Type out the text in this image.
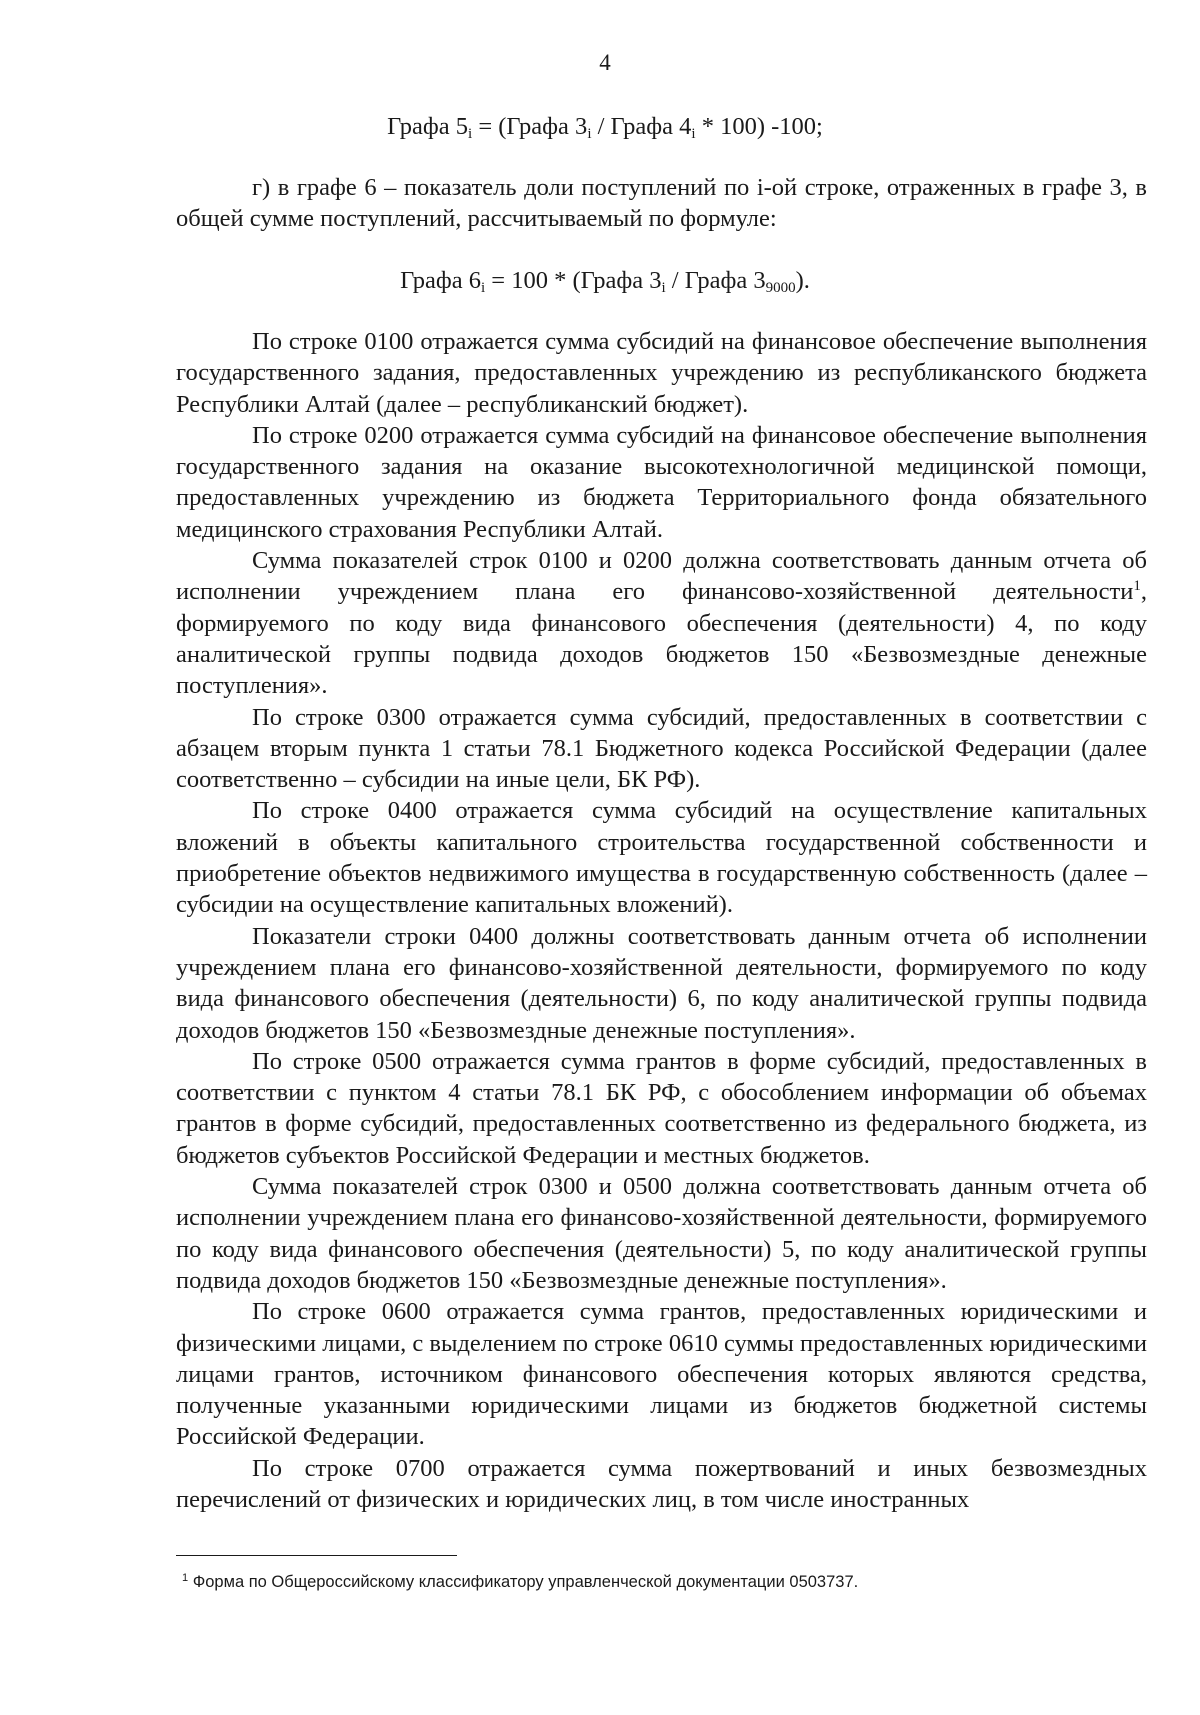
4
Графа $5_i$ = (Графа $3_i$ / Графа $4_i * 100$) -100;

г) в графе 6 – показатель доли поступлений по i-ой строке, отраженных в графе 3, в общей сумме поступлений, рассчитываемый по формуле:

Графа $6_i = 100$ * (Графа $3_i$ / Графа $3_{9000}$).

По строке 0100 отражается сумма субсидий на финансовое обеспечение выполнения государственного задания, предоставленных учреждению из республиканского бюджета Республики Алтай (далее – республиканский бюджет).

По строке 0200 отражается сумма субсидий на финансовое обеспечение выполнения государственного задания на оказание высокотехнологичной медицинской помощи, предоставленных учреждению из бюджета Территориального фонда обязательного медицинского страхования Республики Алтай.

Сумма показателей строк 0100 и 0200 должна соответствовать данным отчета об исполнении учреждением плана его финансово-хозяйственной деятельности$^1$, формируемого по коду вида финансового обеспечения (деятельности) 4, по коду аналитической группы подвида доходов бюджетов 150 «Безвозмездные денежные поступления».

По строке 0300 отражается сумма субсидий, предоставленных в соответствии с абзацем вторым пункта 1 статьи 78.1 Бюджетного кодекса Российской Федерации (далее соответственно – субсидии на иные цели, БК РФ).

По строке 0400 отражается сумма субсидий на осуществление капитальных вложений в объекты капитального строительства государственной собственности и приобретение объектов недвижимого имущества в государственную собственность (далее – субсидии на осуществление капитальных вложений).

Показатели строки 0400 должны соответствовать данным отчета об исполнении учреждением плана его финансово-хозяйственной деятельности, формируемого по коду вида финансового обеспечения (деятельности) 6, по коду аналитической группы подвида доходов бюджетов 150 «Безвозмездные денежные поступления».

По строке 0500 отражается сумма грантов в форме субсидий, предоставленных в соответствии с пунктом 4 статьи 78.1 БК РФ, с обособлением информации об объемах грантов в форме субсидий, предоставленных соответственно из федерального бюджета, из бюджетов субъектов Российской Федерации и местных бюджетов.

Сумма показателей строк 0300 и 0500 должна соответствовать данным отчета об исполнении учреждением плана его финансово-хозяйственной деятельности, формируемого по коду вида финансового обеспечения (деятельности) 5, по коду аналитической группы подвида доходов бюджетов 150 «Безвозмездные денежные поступления».

По строке 0600 отражается сумма грантов, предоставленных юридическими и физическими лицами, с выделением по строке 0610 суммы предоставленных юридическими лицами грантов, источником финансового обеспечения которых являются средства, полученные указанными юридическими лицами из бюджетов бюджетной системы Российской Федерации.

По строке 0700 отражается сумма пожертвований и иных безвозмездных перечислений от физических и юридических лиц, в том числе иностранных

$^1$ Форма по Общероссийскому классификатору управленческой документации 0503737.
